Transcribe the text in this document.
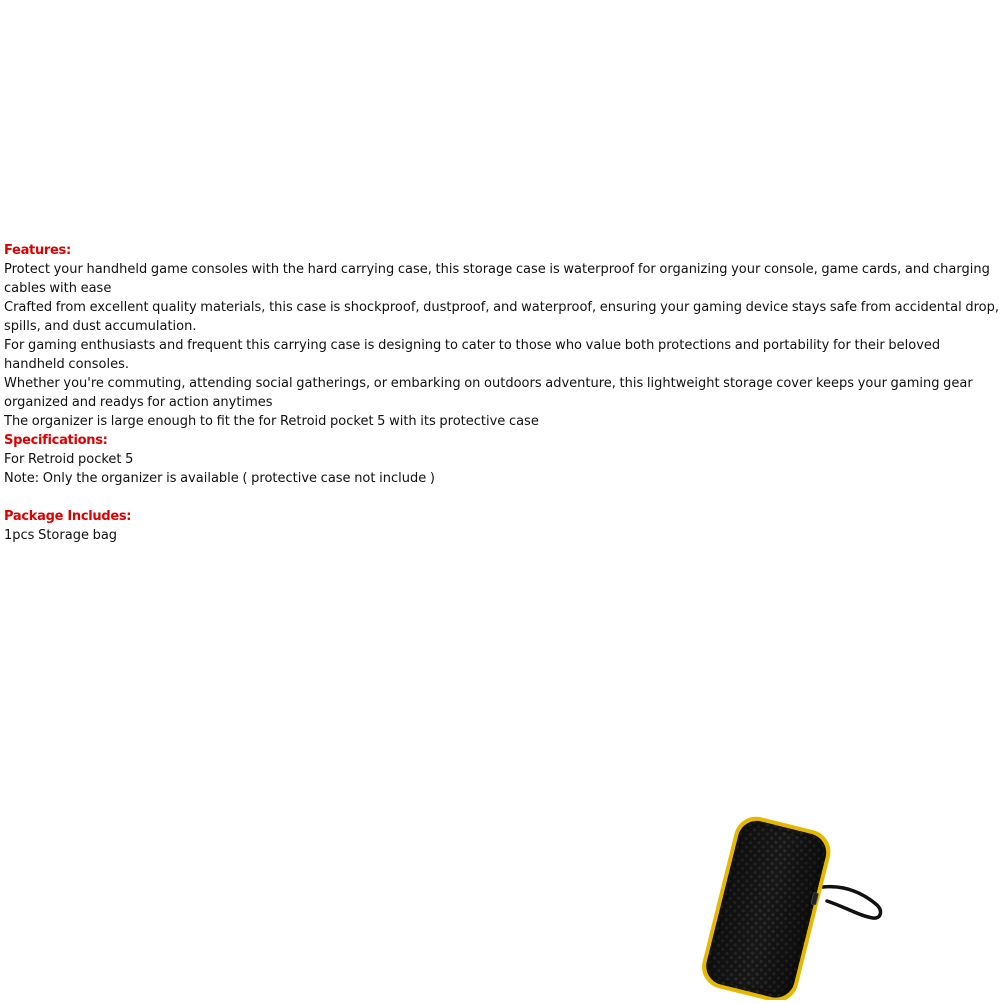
Features:
Protect your handheld game consoles with the hard carrying case, this storage case is waterproof for organizing your console, game cards, and charging cables with ease
Crafted from excellent quality materials, this case is shockproof, dustproof, and waterproof, ensuring your gaming device stays safe from accidental drop, spills, and dust accumulation.
For gaming enthusiasts and frequent this carrying case is designing to cater to those who value both protections and portability for their beloved handheld consoles.
Whether you're commuting, attending social gatherings, or embarking on outdoors adventure, this lightweight storage cover keeps your gaming gear organized and readys for action anytimes
The organizer is large enough to fit the for Retroid pocket 5 with its protective case
Specifications:
For Retroid pocket 5
Note: Only the organizer is available ( protective case not include )
Package Includes:
1pcs Storage bag
